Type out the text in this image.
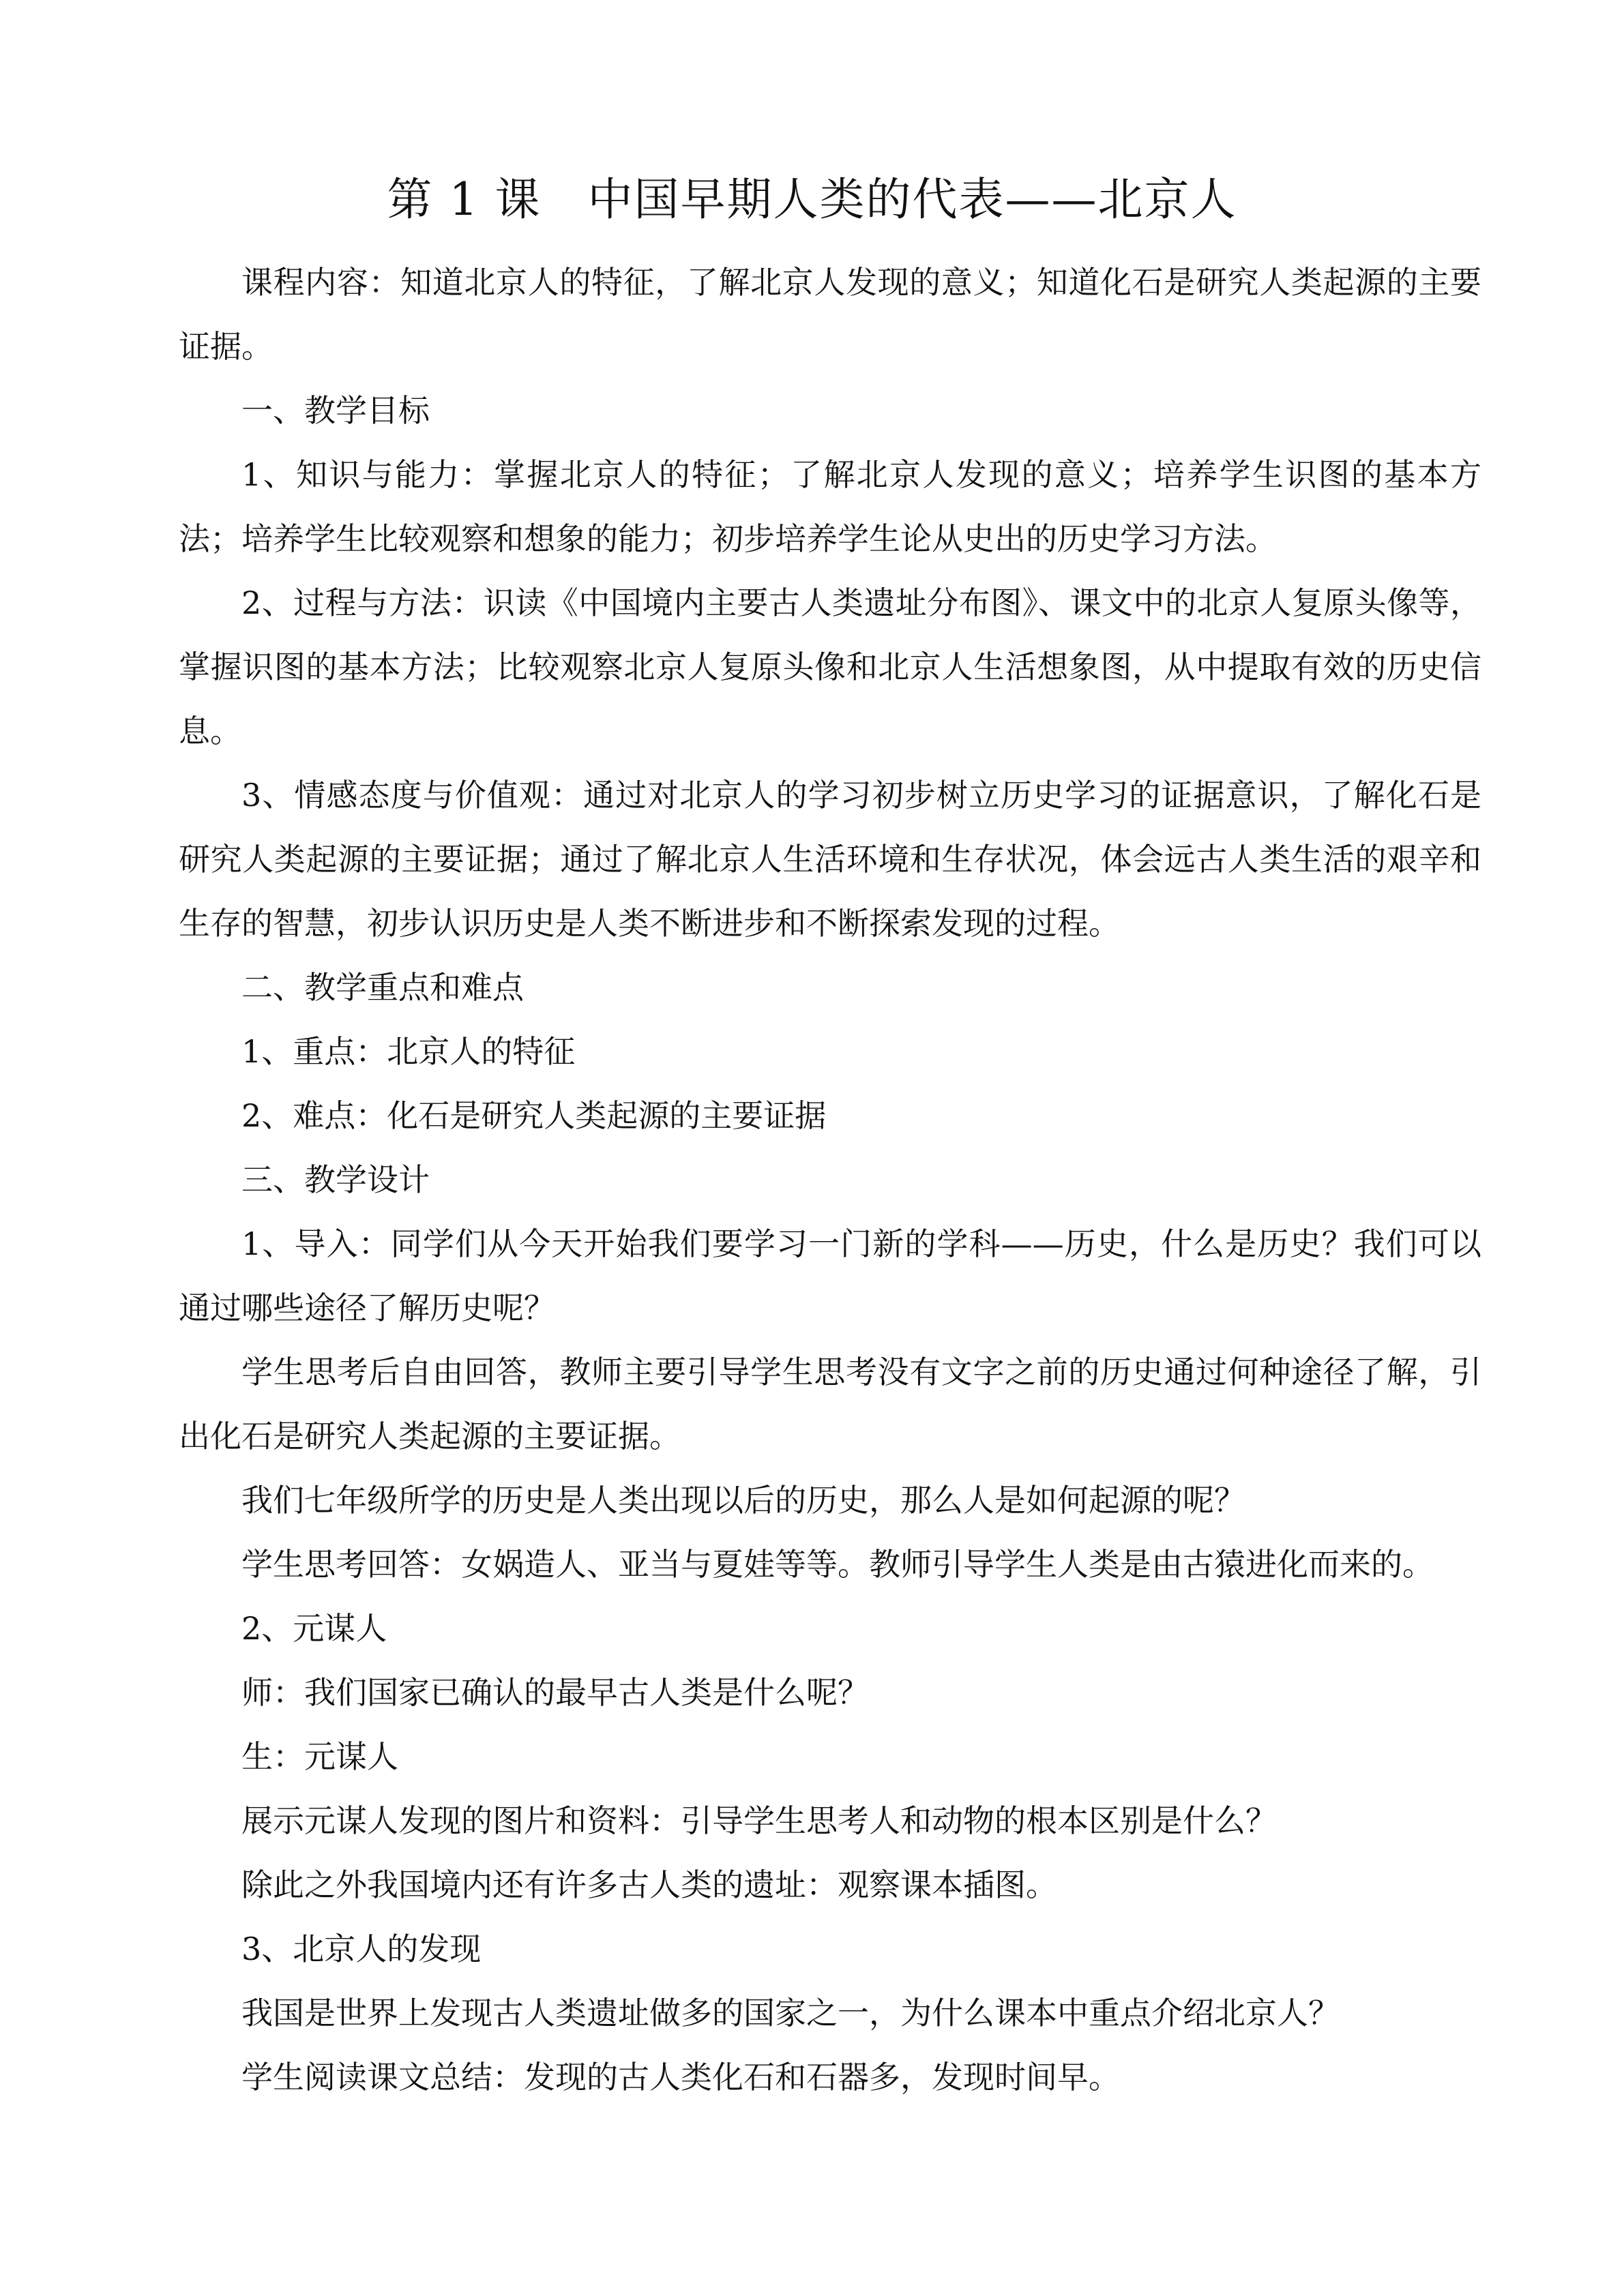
第 1 课　中国早期人类的代表——北京人

课程内容：知道北京人的特征，了解北京人发现的意义；知道化石是研究人类起源的主要证据。

一、教学目标

1、知识与能力：掌握北京人的特征；了解北京人发现的意义；培养学生识图的基本方法；培养学生比较观察和想象的能力；初步培养学生论从史出的历史学习方法。

2、过程与方法：识读《中国境内主要古人类遗址分布图》、课文中的北京人复原头像等，掌握识图的基本方法；比较观察北京人复原头像和北京人生活想象图，从中提取有效的历史信息。

3、情感态度与价值观：通过对北京人的学习初步树立历史学习的证据意识，了解化石是研究人类起源的主要证据；通过了解北京人生活环境和生存状况，体会远古人类生活的艰辛和生存的智慧，初步认识历史是人类不断进步和不断探索发现的过程。

二、教学重点和难点

1、重点：北京人的特征

2、难点：化石是研究人类起源的主要证据

三、教学设计

1、导入：同学们从今天开始我们要学习一门新的学科——历史，什么是历史？我们可以通过哪些途径了解历史呢？

学生思考后自由回答，教师主要引导学生思考没有文字之前的历史通过何种途径了解，引出化石是研究人类起源的主要证据。

我们七年级所学的历史是人类出现以后的历史，那么人是如何起源的呢？

学生思考回答：女娲造人、亚当与夏娃等等。教师引导学生人类是由古猿进化而来的。

2、元谋人

师：我们国家已确认的最早古人类是什么呢？

生：元谋人

展示元谋人发现的图片和资料：引导学生思考人和动物的根本区别是什么？

除此之外我国境内还有许多古人类的遗址：观察课本插图。

3、北京人的发现

我国是世界上发现古人类遗址做多的国家之一，为什么课本中重点介绍北京人？

学生阅读课文总结：发现的古人类化石和石器多，发现时间早。
